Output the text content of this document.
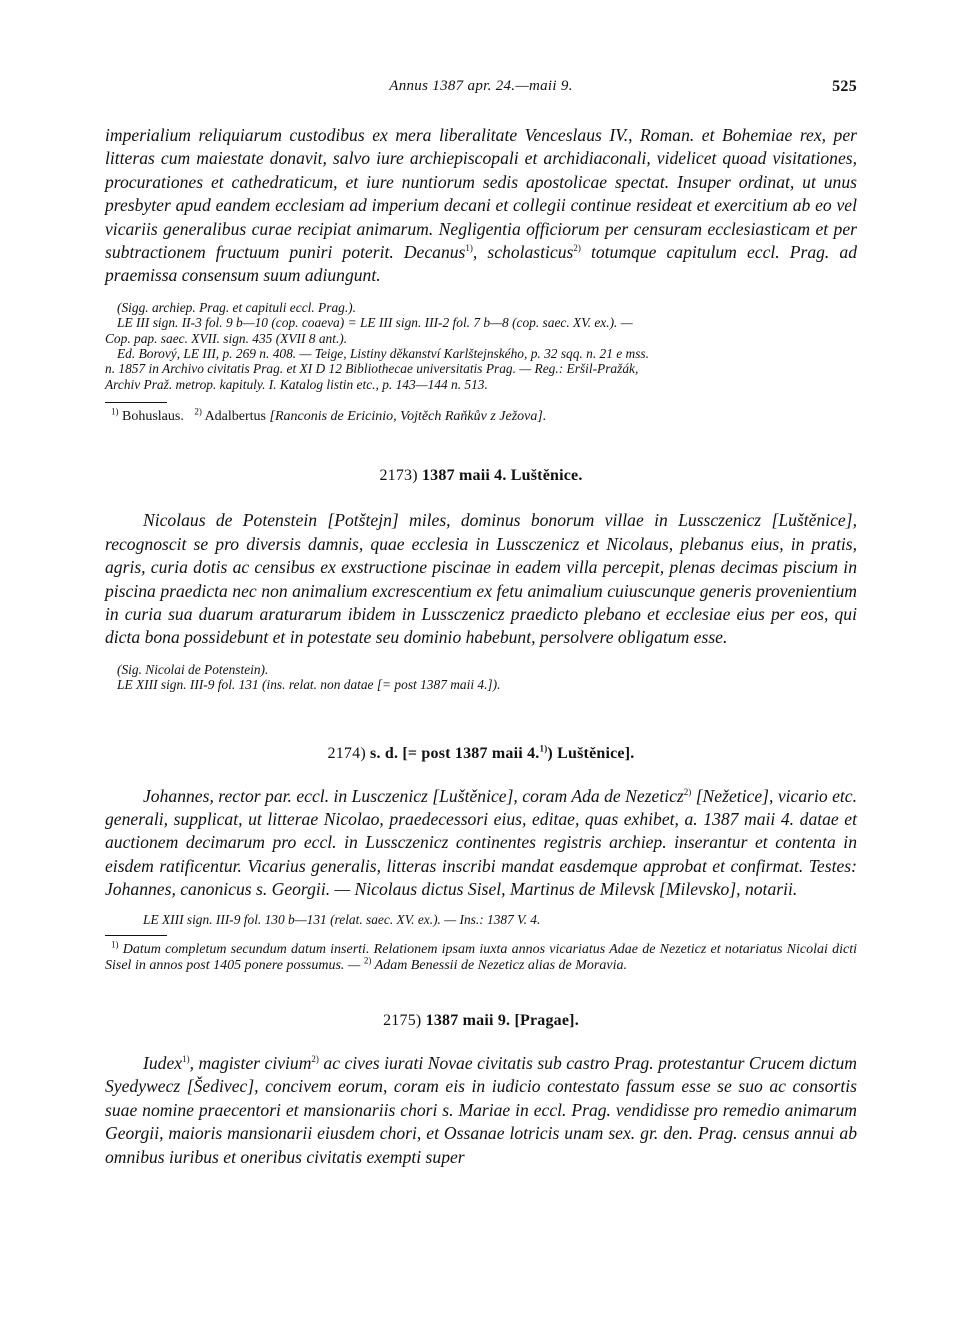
Annus 1387 apr. 24.—maii 9.	525

imperialium reliquiarum custodibus ex mera liberalitate Venceslaus IV., Roman. et Bohemiae rex, per litteras cum maiestate donavit, salvo iure archiepiscopali et archidiaconali, videlicet quoad visitationes, procurationes et cathedraticum, et iure nuntiorum sedis apostolicae spectat. Insuper ordinat, ut unus presbyter apud eandem ecclesiam ad imperium decani et collegii continue resideat et exercitium ab eo vel vicariis generalibus curae recipiat animarum. Negligentia officiorum per censuram ecclesiasticam et per subtractionem fructuum puniri poterit. Decanus$^{1)}$, scholasticus$^{2)}$ totumque capitulum eccl. Prag. ad praemissa consensum suum adiungunt.

(Sigg. archiep. Prag. et capituli eccl. Prag.).
LE III sign. II-3 fol. 9 b—10 (cop. coaeva) = LE III sign. III-2 fol. 7 b—8 (cop. saec. XV. ex.). —
Cop. pap. saec. XVII. sign. 435 (XVII 8 ant.).
Ed. Borový, LE III, p. 269 n. 408. — Teige, Listiny děkanství Karlštejnského, p. 32 sqq. n. 21 e mss.
n. 1857 in Archivo civitatis Prag. et XI D 12 Bibliothecae universitatis Prag. — Reg.: Eršil-Pražák,
Archiv Praž. metrop. kapituly. I. Katalog listin etc., p. 143—144 n. 513.

$^{1)}$ Bohuslaus. $^{2)}$ Adalbertus [Ranconis de Ericinio, Vojtěch Raňkův z Ježova].

2173) 1387 maii 4. Luštěnice.

Nicolaus de Potenstein [Potštejn] miles, dominus bonorum villae in Lussczenicz [Luštěnice], recognoscit se pro diversis damnis, quae ecclesia in Lussczenicz et Nicolaus, plebanus eius, in pratis, agris, curia dotis ac censibus ex exstructione piscinae in eadem villa percepit, plenas decimas piscium in piscina praedicta nec non animalium excrescentium ex fetu animalium cuiuscunque generis provenientium in curia sua duarum araturarum ibidem in Lussczenicz praedicto plebano et ecclesiae eius per eos, qui dicta bona possidebunt et in potestate seu dominio habebunt, persolvere obligatum esse.

(Sig. Nicolai de Potenstein).
LE XIII sign. III-9 fol. 131 (ins. relat. non datae [= post 1387 maii 4.]).
2174) s. d. [= post 1387 maii 4.$^{1)}$) Luštěnice].

Johannes, rector par. eccl. in Lusczenicz [Luštěnice], coram Ada de Nezeticz$^{2)}$ [Nežetice], vicario etc. generali, supplicat, ut litterae Nicolao, praedecessori eius, editae, quas exhibet, a. 1387 maii 4. datae et auctionem decimarum pro eccl. in Lussczenicz continentes registris archiep. inserantur et contenta in eisdem ratificentur. Vicarius generalis, litteras inscribi mandat easdemque approbat et confirmat. Testes: Johannes, canonicus s. Georgii. — Nicolaus dictus Sisel, Martinus de Milevsk [Milevsko], notarii.

LE XIII sign. III-9 fol. 130 b—131 (relat. saec. XV. ex.). — Ins.: 1387 V. 4.

$^{1)}$ Datum completum secundum datum inserti. Relationem ipsam iuxta annos vicariatus Adae de Nezeticz et notariatus Nicolai dicti Sisel in annos post 1405 ponere possumus. — $^{2)}$ Adam Benessii de Nezeticz alias de Moravia.

2175) 1387 maii 9. [Pragae].

Iudex$^{1)}$, magister civium$^{2)}$ ac cives iurati Novae civitatis sub castro Prag. protestantur Crucem dictum Syedywecz [Šedivec], concivem eorum, coram eis in iudicio contestato fassum esse se suo ac consortis suae nomine praecentori et mansionariis chori s. Mariae in eccl. Prag. vendidisse pro remedio animarum Georgii, maioris mansionarii eiusdem chori, et Ossanae lotricis unam sex. gr. den. Prag. census annui ab omnibus iuribus et oneribus civitatis exempti super
